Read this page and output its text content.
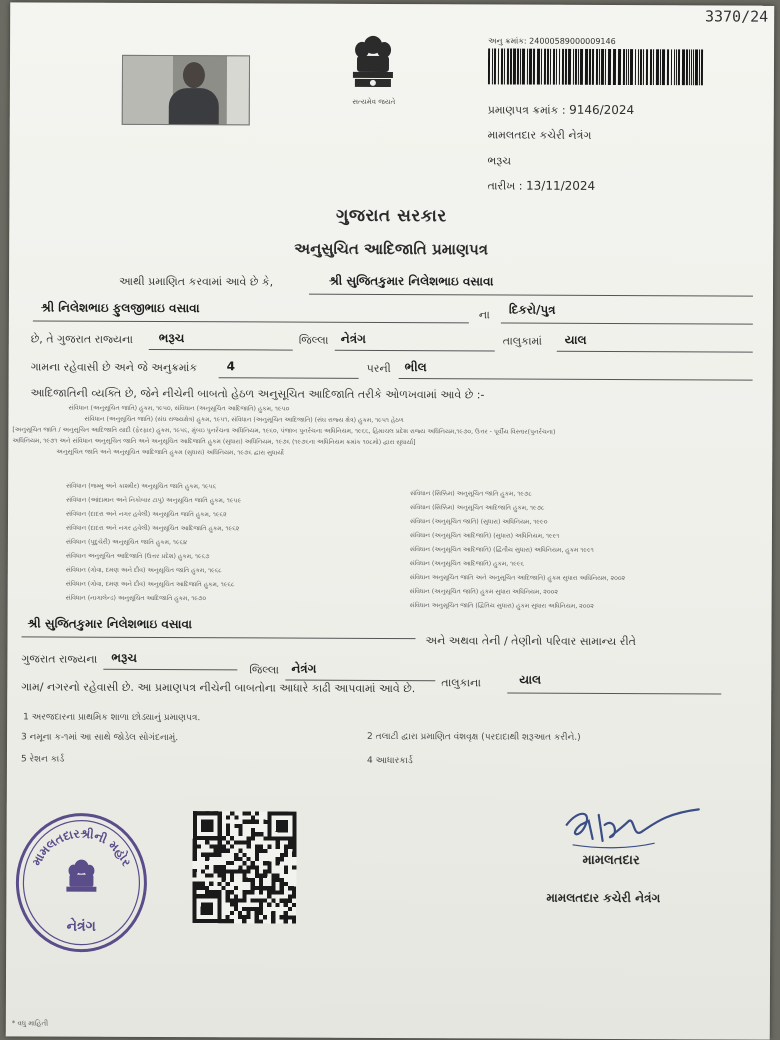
3370/24
સત્યમેવ જયતે
અનુ ક્રમાંક: 24000589000009146
પ્રમાણપત્ર ક્રમાંક : 9146/2024
મામલતદાર કચેરી નેત્રંગ
ભરૂચ
તારીખ : 13/11/2024
ગુજરાત સરકાર
અનુસુચિત આદિજાતિ પ્રમાણપત્ર
આથી પ્રમાણિત કરવામાં આવે છે કે,	શ્રી સુજિતકુમાર નિલેશભાઇ વસાવા
શ્રી નિલેશભાઇ ફુલજીભાઇ વસાવા	ના દિકરો/પુત્ર
છે, તે ગુજરાત રાજ્યના ભરૂચ	જિલ્લા નેત્રંગ	તાલુકામાં યાલ
ગામના રહેવાસી છે અને જે અનુક્રમાંક 4	પરની ભીલ
આદિજાતિની વ્યક્તિ છે, જેને નીચેની બાબતો હેઠળ અનુસૂચિત આદિજાતિ તરીકે ઓળખવામાં આવે છે :-
સંવિધાન (અનુસૂચિત જાતિ) હુકમ, ૧૯૫૦, સંવિધાન (અનુસૂચિત આદિજાતિ) હુકમ, ૧૯૫૦
સંવિધાન (અનુસૂચિત જાતિ) (સંઘ રાજ્યક્ષેત્ર) હુકમ, ૧૯૫૧, સંવિધાન (અનુસૂચિત આદિજાતિ) (સંઘ રાજ્ય ક્ષેત્ર) હુકમ, ૧૯૫૧ હેઠળ
[અનુસૂચિત જાતિ / અનુસૂચિત આદિજાતિ યાદી (ફેરફાર) હુકમ, ૧૯૫૬, મુંબઇ પુનર્રચના અધિનિયમ, ૧૯૬૦, પંજાબ પુનર્રચના અધિનિયમ, ૧૯૬૬, હિમાચલ પ્રદેશ રાજ્ય અધિનિયમ,૧૯૭૦, ઉત્તર - પૂર્વીય વિસ્તાર(પુનર્રચના)
અધિનિયમ, ૧૯૭૧ અને સંવિધાન અનુસૂચિત જાતિ અને અનુસૂચિત આદિજાતિ હુકમ (સુધારા) અધિનિયમ, ૧૯૭૬ (૧૯૭૬ના અધિનિયમ ક્રમાંક ૧૦૮મો) દ્વારા સુધાર્યા]
અનુસૂચિત જાતિ અને અનુસૂચિત આદિજાતિ હુકમ (સુધારા) અધિનિયમ, ૧૯૭૬ દ્વારા સુધાર્યો
સંવિધાન (જમ્મુ અને કાશ્મીર) અનુસૂચિત જાતિ હુકમ, ૧૯૫૬
સંવિધાન (આંદામાન અને નિકોબાર ટાપુ) અનુસૂચિત જાતિ હુકમ, ૧૯૫૯
સંવિધાન (દાદરા અને નગર હવેલી) અનુસૂચિત જાતિ હુકમ, ૧૯૬૨
સંવિધાન (દાદરા અને નગર હવેલી) અનુસૂચિત આદિજાતિ હુકમ, ૧૯૬૨
સંવિધાન (પુદુચેરી) અનુસૂચિત જાતિ હુકમ, ૧૯૬૪
સંવિધાન અનુસૂચિત આદિજાતિ (ઉત્તર પ્રદેશ) હુકમ, ૧૯૬૭
સંવિધાન (ગોવા, દમણ અને દીવ) અનુસૂચિત જાતિ હુકમ, ૧૯૬૮
સંવિધાન (ગોવા, દમણ અને દીવ) અનુસૂચિત આદિજાતિ હુકમ, ૧૯૬૮
સંવિધાન (નાગાલેન્ડ) અનુસૂચિત આદિજાતિ હુકમ, ૧૯૭૦
સંવિધાન (સિક્કિમ) અનુસૂચિત જાતિ હુકમ, ૧૯૭૮
સંવિધાન (સિક્કિમ) અનુસૂચિત આદિજાતિ હુકમ, ૧૯૭૮
સંવિધાન (અનુસૂચિત જાતિ) (સુધારા) અધિનિયમ, ૧૯૯૦
સંવિધાન (અનુસૂચિત આદિજાતિ) (સુધારા) અધિનિયમ, ૧૯૯૧
સંવિધાન (અનુસૂચિત આદિજાતિ) (દ્વિતીય સુધારા) અધિનિયમ, હુકમ ૧૯૯૧
સંવિધાન (અનુસૂચિત આદિજાતિ) હુકમ, ૧૯૯૬
સંવિધાન અનુસૂચિત જાતિ અને અનુસૂચિત આદિજાતિ) હુકમ સુધારા અધિનિયમ, ૨૦૦૨
સંવિધાન (અનુસૂચિત જાતિ) હુકમ સુધારા અધિનિયમ, ૨૦૦૨
સંવિધાન અનુસૂચિત જાતિ (દ્વિતિય સુધારા) હુકમ સુધારા અધિનિયમ, ૨૦૦૨
શ્રી સુજિતકુમાર નિલેશભાઇ વસાવા
અને અથવા તેની / તેણીનો પરિવાર સામાન્ય રીતે
ગુજરાત રાજ્યના ભરૂચ
જિલ્લા નેત્રંગ
તાલુકાના	યાલ
ગામ/ નગરનો રહેવાસી છે. આ પ્રમાણપત્ર નીચેની બાબતોના આધારે કાઢી આપવામાં આવે છે.
1 અરજદારના પ્રાથમિક શાળા છોડ્યાનું પ્રમાણપત્ર.
2 તલાટી દ્વારા પ્રમાણિત વંશવૃક્ષ (પરદાદાથી શરૂઆત કરીને.)
3 નમૂના ક-૧માં આ સાથે જોડેલ સોગંદનામું.
4 આધારકાર્ડ
5 રેશન કાર્ડ
મામલતદારશ્રીની મહોર
નેત્રંગ
મામલતદાર
મામલતદાર કચેરી નેત્રંગ
* વધુ માહિતી
